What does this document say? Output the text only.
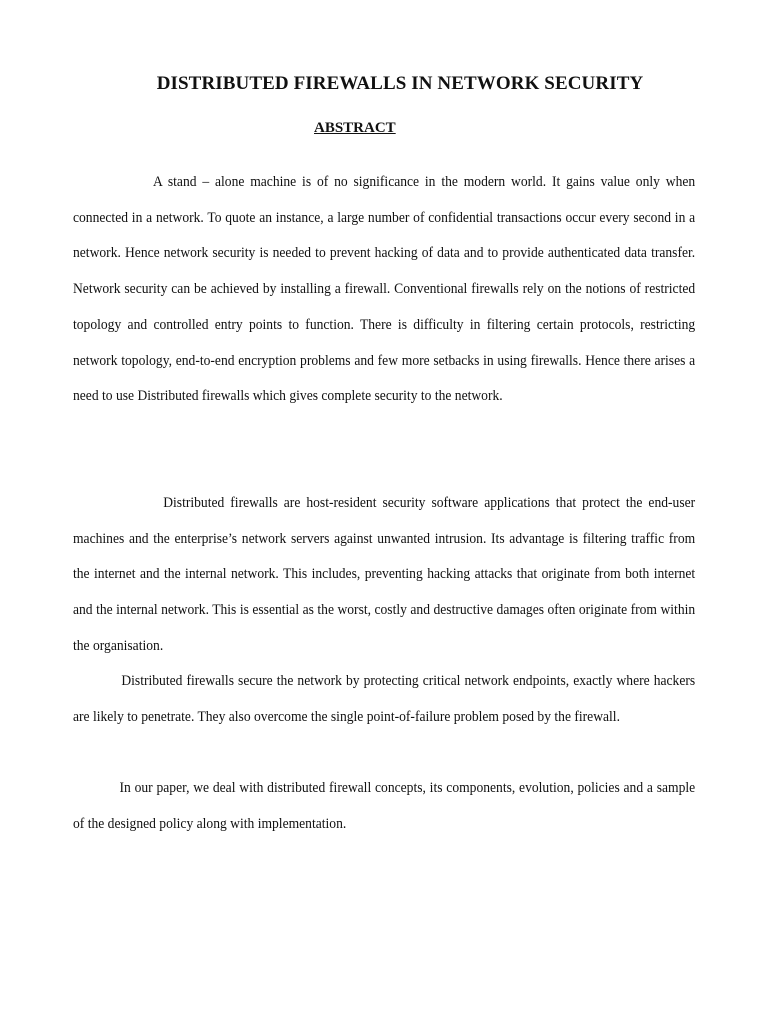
DISTRIBUTED FIREWALLS IN NETWORK SECURITY
ABSTRACT

A stand – alone machine is of no significance in the modern world. It gains value only when connected in a network. To quote an instance, a large number of confidential transactions occur every second in a network. Hence network security is needed to prevent hacking of data and to provide authenticated data transfer. Network security can be achieved by installing a firewall. Conventional firewalls rely on the notions of restricted topology and controlled entry points to function. There is difficulty in filtering certain protocols, restricting network topology, end-to-end encryption problems and few more setbacks in using firewalls. Hence there arises a need to use Distributed firewalls which gives complete security to the network.

Distributed firewalls are host-resident security software applications that protect the end-user machines and the enterprise’s network servers against unwanted intrusion. Its advantage is filtering traffic from the internet and the internal network. This includes, preventing hacking attacks that originate from both internet and the internal network. This is essential as the worst, costly and destructive damages often originate from within the organisation.

Distributed firewalls secure the network by protecting critical network endpoints, exactly where hackers are likely to penetrate. They also overcome the single point-of-failure problem posed by the firewall.

In our paper, we deal with distributed firewall concepts, its components, evolution, policies and a sample of the designed policy along with implementation.
